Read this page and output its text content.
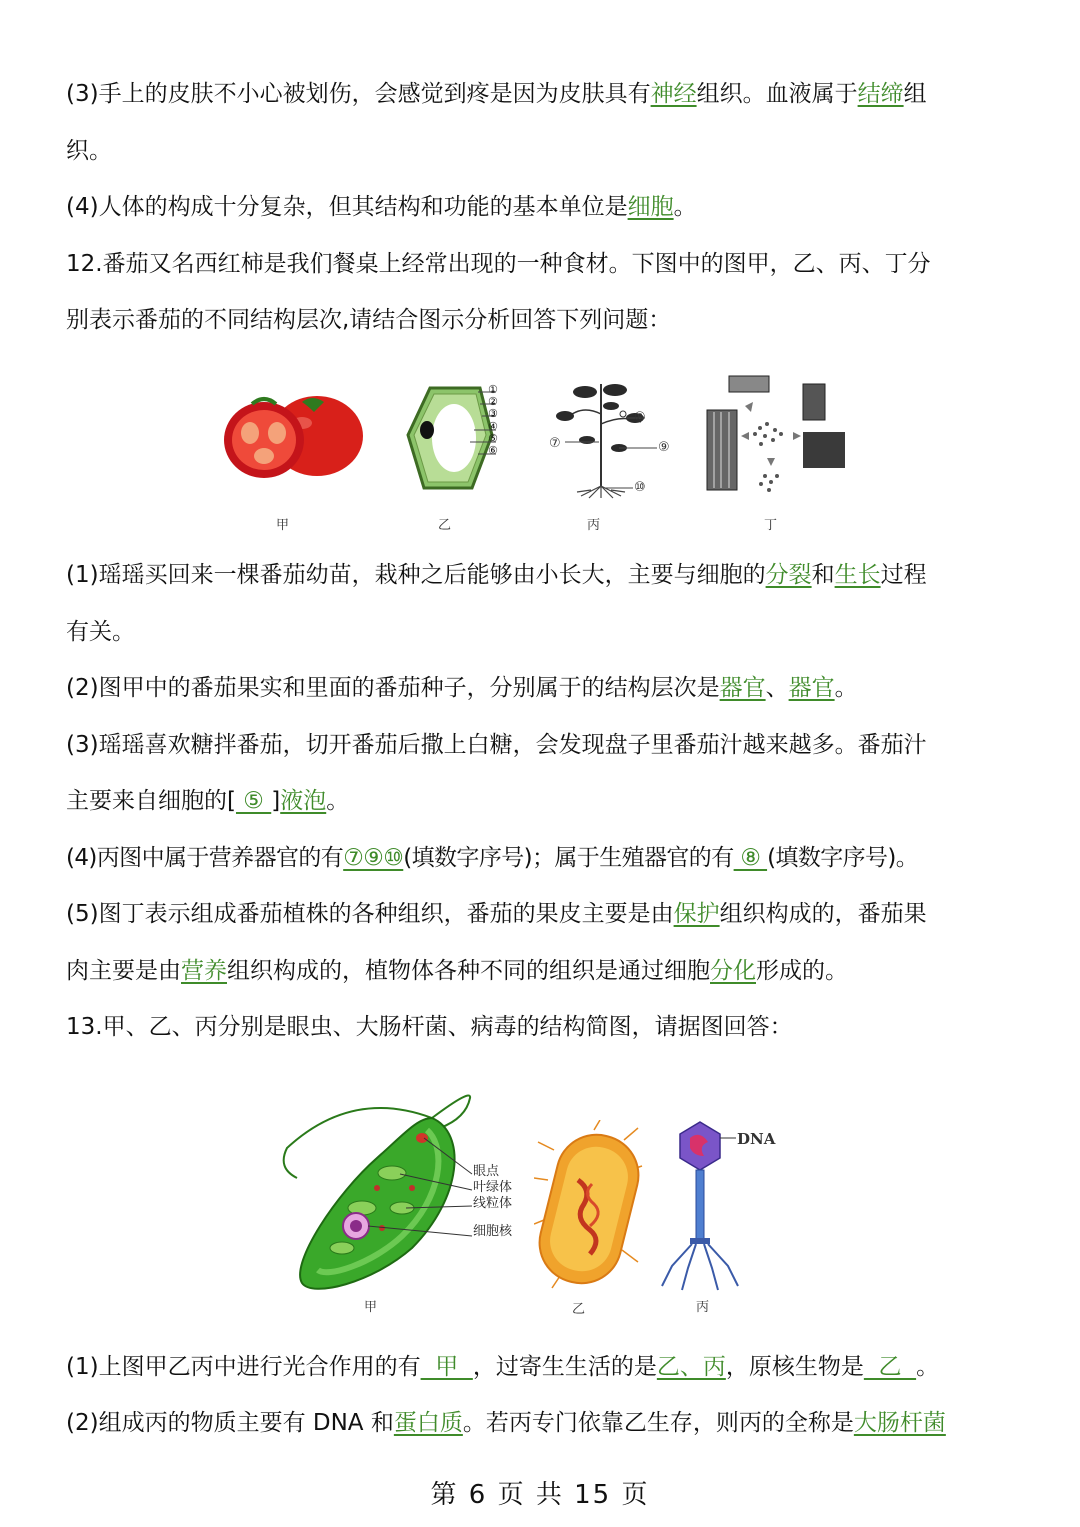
(3)手上的皮肤不小心被划伤，会感觉到疼是因为皮肤具有神经组织。血液属于结缔组
织。
(4)人体的构成十分复杂，但其结构和功能的基本单位是细胞。
12.番茄又名西红柿是我们餐桌上经常出现的一种食材。下图中的图甲，乙、丙、丁分
别表示番茄的不同结构层次,请结合图示分析回答下列问题：
甲
①
②
③
④
⑤
⑥
乙
⑦
⑧
⑨
⑩
丙	丁
(1)瑶瑶买回来一棵番茄幼苗，栽种之后能够由小长大，主要与细胞的分裂和生长过程
有关。
(2)图甲中的番茄果实和里面的番茄种子，分别属于的结构层次是器官、器官。
(3)瑶瑶喜欢糖拌番茄，切开番茄后撒上白糖，会发现盘子里番茄汁越来越多。番茄汁
主要来自细胞的[ ⑤ ]液泡。
(4)丙图中属于营养器官的有⑦⑨⑩(填数字序号)；属于生殖器官的有 ⑧ (填数字序号)。
(5)图丁表示组成番茄植株的各种组织，番茄的果皮主要是由保护组织构成的，番茄果
肉主要是由营养组织构成的，植物体各种不同的组织是通过细胞分化形成的。
13.甲、乙、丙分别是眼虫、大肠杆菌、病毒的结构简图，请据图回答：
眼点
叶绿体
线粒体
细胞核
甲	乙
DNA
丙
(1)上图甲乙丙中进行光合作用的有  甲  ，过寄生生活的是乙、丙，原核生物是  乙  。
(2)组成丙的物质主要有 DNA 和蛋白质。若丙专门依靠乙生存，则丙的全称是大肠杆菌
第 6 页 共 15 页
